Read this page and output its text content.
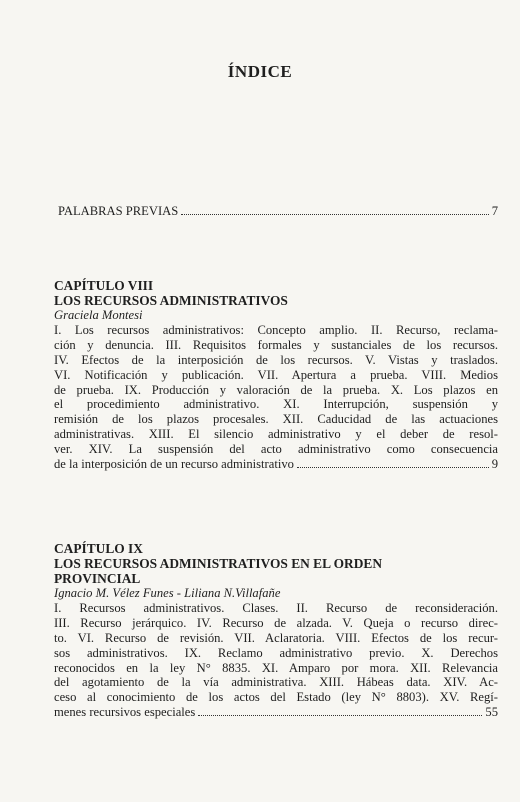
ÍNDICE
PALABRAS PREVIAS	7
CAPÍTULO VIII
LOS RECURSOS ADMINISTRATIVOS
Graciela Montesi
I. Los recursos administrativos: Concepto amplio. II. Recurso, reclama-
ción y denuncia. III. Requisitos formales y sustanciales de los recursos.
IV. Efectos de la interposición de los recursos. V. Vistas y traslados.
VI. Notificación y publicación. VII. Apertura a prueba. VIII. Medios
de prueba. IX. Producción y valoración de la prueba. X. Los plazos en
el procedimiento administrativo. XI. Interrupción, suspensión y
remisión de los plazos procesales. XII. Caducidad de las actuaciones
administrativas. XIII. El silencio administrativo y el deber de resol-
ver. XIV. La suspensión del acto administrativo como consecuencia
de la interposición de un recurso administrativo	9
CAPÍTULO IX
LOS RECURSOS ADMINISTRATIVOS EN EL ORDEN
PROVINCIAL
Ignacio M. Vélez Funes - Liliana N.Villafañe
I. Recursos administrativos. Clases. II. Recurso de reconsideración.
III. Recurso jerárquico. IV. Recurso de alzada. V. Queja o recurso direc-
to. VI. Recurso de revisión. VII. Aclaratoria. VIII. Efectos de los recur-
sos administrativos. IX. Reclamo administrativo previo. X. Derechos
reconocidos en la ley N° 8835. XI. Amparo por mora. XII. Relevancia
del agotamiento de la vía administrativa. XIII. Hábeas data. XIV. Ac-
ceso al conocimiento de los actos del Estado (ley N° 8803). XV. Regí-
menes recursivos especiales	55
